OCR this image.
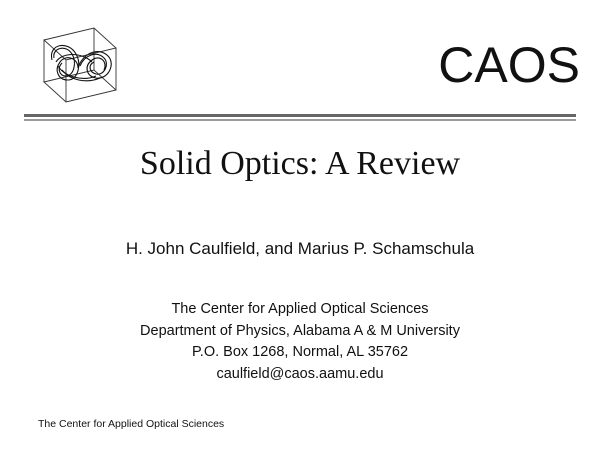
CAOS
Solid Optics: A Review
H. John Caulfield, and Marius P. Schamschula
The Center for Applied Optical Sciences
Department of Physics, Alabama A & M University
P.O. Box 1268, Normal, AL 35762
caulfield@caos.aamu.edu
The Center for Applied Optical Sciences
